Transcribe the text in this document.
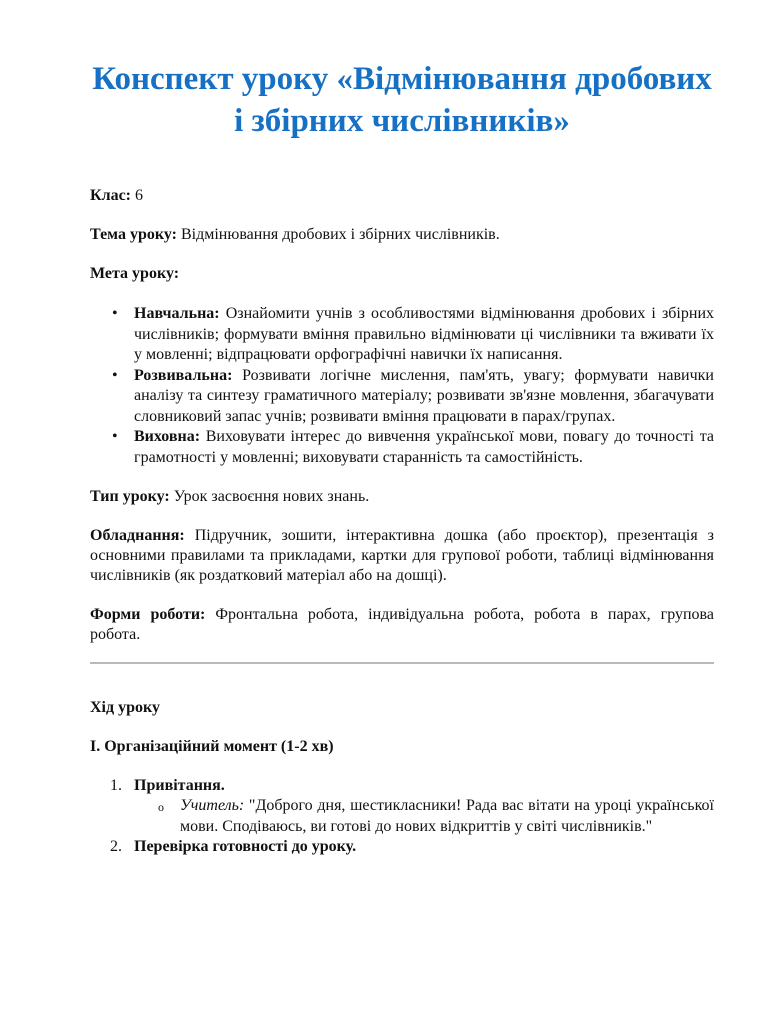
Конспект уроку «Відмінювання дробових і збірних числівників»

Клас: 6

Тема уроку: Відмінювання дробових і збірних числівників.

Мета уроку:

• Навчальна: Ознайомити учнів з особливостями відмінювання дробових і збірних числівників; формувати вміння правильно відмінювати ці числівники та вживати їх у мовленні; відпрацювати орфографічні навички їх написання.
• Розвивальна: Розвивати логічне мислення, пам'ять, увагу; формувати навички аналізу та синтезу граматичного матеріалу; розвивати зв'язне мовлення, збагачувати словниковий запас учнів; розвивати вміння працювати в парах/групах.
• Виховна: Виховувати інтерес до вивчення української мови, повагу до точності та грамотності у мовленні; виховувати старанність та самостійність.

Тип уроку: Урок засвоєння нових знань.

Обладнання: Підручник, зошити, інтерактивна дошка (або проєктор), презентація з основними правилами та прикладами, картки для групової роботи, таблиці відмінювання числівників (як роздатковий матеріал або на дошці).

Форми роботи: Фронтальна робота, індивідуальна робота, робота в парах, групова робота.

Хід уроку

I. Організаційний момент (1-2 хв)

1. Привітання.
o Учитель: "Доброго дня, шестикласники! Рада вас вітати на уроці української мови. Сподіваюсь, ви готові до нових відкриттів у світі числівників."
2. Перевірка готовності до уроку.
